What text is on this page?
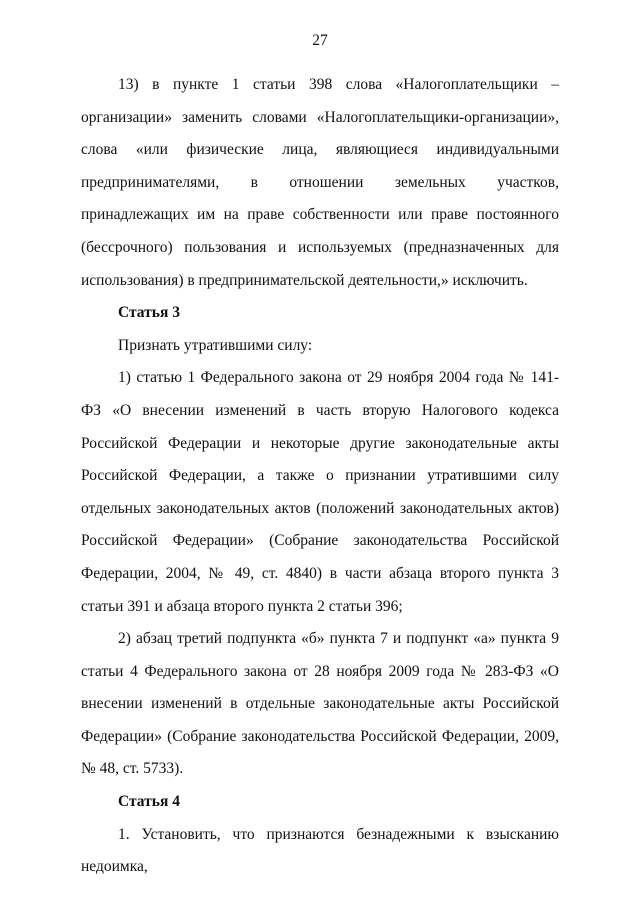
27

13) в пункте 1 статьи 398 слова «Налогоплательщики – организации» заменить словами «Налогоплательщики-организации», слова «или физические лица, являющиеся индивидуальными предпринимателями, в отношении земельных участков, принадлежащих им на праве собственности или праве постоянного (бессрочного) пользования и используемых (предназначенных для использования) в предпринимательской деятельности,» исключить.

Статья 3

Признать утратившими силу:

1) статью 1 Федерального закона от 29 ноября 2004 года № 141-ФЗ «О внесении изменений в часть вторую Налогового кодекса Российской Федерации и некоторые другие законодательные акты Российской Федерации, а также о признании утратившими силу отдельных законодательных актов (положений законодательных актов) Российской Федерации» (Собрание законодательства Российской Федерации, 2004, № 49, ст. 4840) в части абзаца второго пункта 3 статьи 391 и абзаца второго пункта 2 статьи 396;

2) абзац третий подпункта «б» пункта 7 и подпункт «а» пункта 9 статьи 4 Федерального закона от 28 ноября 2009 года № 283-ФЗ «О внесении изменений в отдельные законодательные акты Российской Федерации» (Собрание законодательства Российской Федерации, 2009, № 48, ст. 5733).

Статья 4

1. Установить, что признаются безнадежными к взысканию недоимка,
